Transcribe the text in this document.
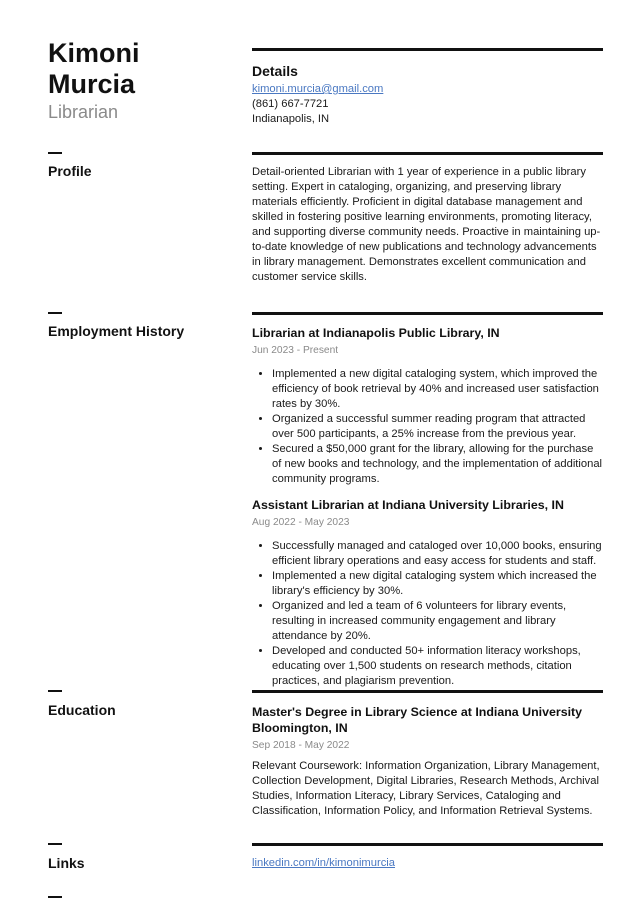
Kimoni
Murcia
Librarian
Details
kimoni.murcia@gmail.com
(861) 667-7721
Indianapolis, IN
Profile	Detail-oriented Librarian with 1 year of experience in a public library setting. Expert in cataloging, organizing, and preserving library materials efficiently. Proficient in digital database management and skilled in fostering positive learning environments, promoting literacy, and supporting diverse community needs. Proactive in maintaining up-to-date knowledge of new publications and technology advancements in library management. Demonstrates excellent communication and customer service skills.

Employment History	Librarian at Indianapolis Public Library, IN
Jun 2023 - Present
• Implemented a new digital cataloging system, which improved the efficiency of book retrieval by 40% and increased user satisfaction rates by 30%.
• Organized a successful summer reading program that attracted over 500 participants, a 25% increase from the previous year.
• Secured a $50,000 grant for the library, allowing for the purchase of new books and technology, and the implementation of additional community programs.
Assistant Librarian at Indiana University Libraries, IN
Aug 2022 - May 2023
• Successfully managed and cataloged over 10,000 books, ensuring efficient library operations and easy access for students and staff.
• Implemented a new digital cataloging system which increased the library's efficiency by 30%.
• Organized and led a team of 6 volunteers for library events, resulting in increased community engagement and library attendance by 20%.
• Developed and conducted 50+ information literacy workshops, educating over 1,500 students on research methods, citation practices, and plagiarism prevention.
Education	Master's Degree in Library Science at Indiana University Bloomington, IN
Sep 2018 - May 2022

Relevant Coursework: Information Organization, Library Management, Collection Development, Digital Libraries, Research Methods, Archival Studies, Information Literacy, Library Services, Cataloging and Classification, Information Policy, and Information Retrieval Systems.

Links	linkedin.com/in/kimonimurcia
